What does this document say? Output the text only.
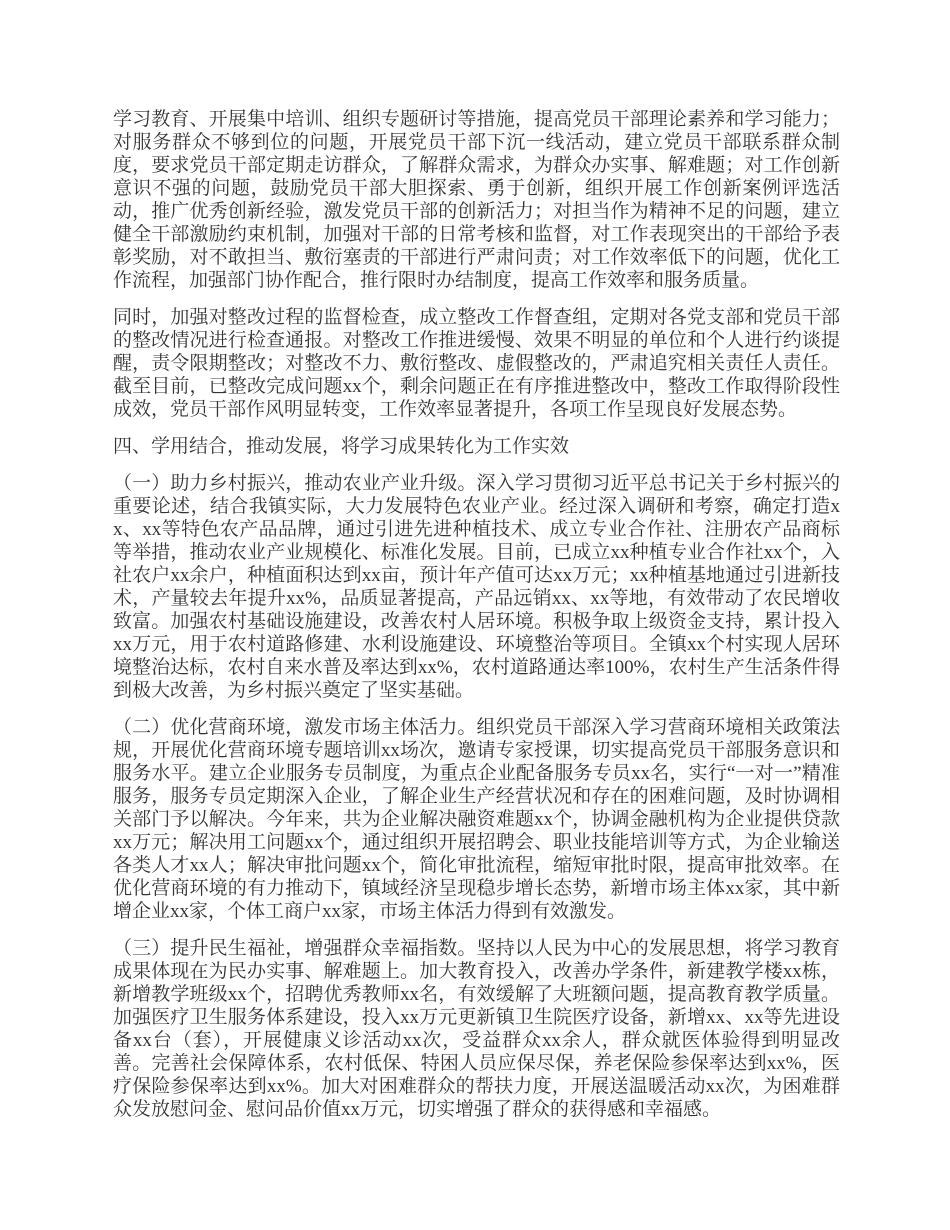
学习教育、开展集中培训、组织专题研讨等措施，提高党员干部理论素养和学习能力；对服务群众不够到位的问题，开展党员干部下沉一线活动，建立党员干部联系群众制度，要求党员干部定期走访群众，了解群众需求，为群众办实事、解难题；对工作创新意识不强的问题，鼓励党员干部大胆探索、勇于创新，组织开展工作创新案例评选活动，推广优秀创新经验，激发党员干部的创新活力；对担当作为精神不足的问题，建立健全干部激励约束机制，加强对干部的日常考核和监督，对工作表现突出的干部给予表彰奖励，对不敢担当、敷衍塞责的干部进行严肃问责；对工作效率低下的问题，优化工作流程，加强部门协作配合，推行限时办结制度，提高工作效率和服务质量。

同时，加强对整改过程的监督检查，成立整改工作督查组，定期对各党支部和党员干部的整改情况进行检查通报。对整改工作推进缓慢、效果不明显的单位和个人进行约谈提醒，责令限期整改；对整改不力、敷衍整改、虚假整改的，严肃追究相关责任人责任。截至目前，已整改完成问题xx个，剩余问题正在有序推进整改中，整改工作取得阶段性成效，党员干部作风明显转变，工作效率显著提升，各项工作呈现良好发展态势。

四、学用结合，推动发展，将学习成果转化为工作实效

（一）助力乡村振兴，推动农业产业升级。深入学习贯彻习近平总书记关于乡村振兴的重要论述，结合我镇实际，大力发展特色农业产业。经过深入调研和考察，确定打造xx、xx等特色农产品品牌，通过引进先进种植技术、成立专业合作社、注册农产品商标等举措，推动农业产业规模化、标准化发展。目前，已成立xx种植专业合作社xx个，入社农户xx余户，种植面积达到xx亩，预计年产值可达xx万元；xx种植基地通过引进新技术，产量较去年提升xx%，品质显著提高，产品远销xx、xx等地，有效带动了农民增收致富。加强农村基础设施建设，改善农村人居环境。积极争取上级资金支持，累计投入xx万元，用于农村道路修建、水利设施建设、环境整治等项目。全镇xx个村实现人居环境整治达标，农村自来水普及率达到xx%，农村道路通达率100%，农村生产生活条件得到极大改善，为乡村振兴奠定了坚实基础。

（二）优化营商环境，激发市场主体活力。组织党员干部深入学习营商环境相关政策法规，开展优化营商环境专题培训xx场次，邀请专家授课，切实提高党员干部服务意识和服务水平。建立企业服务专员制度，为重点企业配备服务专员xx名，实行“一对一”精准服务，服务专员定期深入企业，了解企业生产经营状况和存在的困难问题，及时协调相关部门予以解决。今年来，共为企业解决融资难题xx个，协调金融机构为企业提供贷款xx万元；解决用工问题xx个，通过组织开展招聘会、职业技能培训等方式，为企业输送各类人才xx人；解决审批问题xx个，简化审批流程，缩短审批时限，提高审批效率。在优化营商环境的有力推动下，镇域经济呈现稳步增长态势，新增市场主体xx家，其中新增企业xx家，个体工商户xx家，市场主体活力得到有效激发。

（三）提升民生福祉，增强群众幸福指数。坚持以人民为中心的发展思想，将学习教育成果体现在为民办实事、解难题上。加大教育投入，改善办学条件，新建教学楼xx栋，新增教学班级xx个，招聘优秀教师xx名，有效缓解了大班额问题，提高教育教学质量。加强医疗卫生服务体系建设，投入xx万元更新镇卫生院医疗设备，新增xx、xx等先进设备xx台（套），开展健康义诊活动xx次，受益群众xx余人，群众就医体验得到明显改善。完善社会保障体系，农村低保、特困人员应保尽保，养老保险参保率达到xx%，医疗保险参保率达到xx%。加大对困难群众的帮扶力度，开展送温暖活动xx次，为困难群众发放慰问金、慰问品价值xx万元，切实增强了群众的获得感和幸福感。
